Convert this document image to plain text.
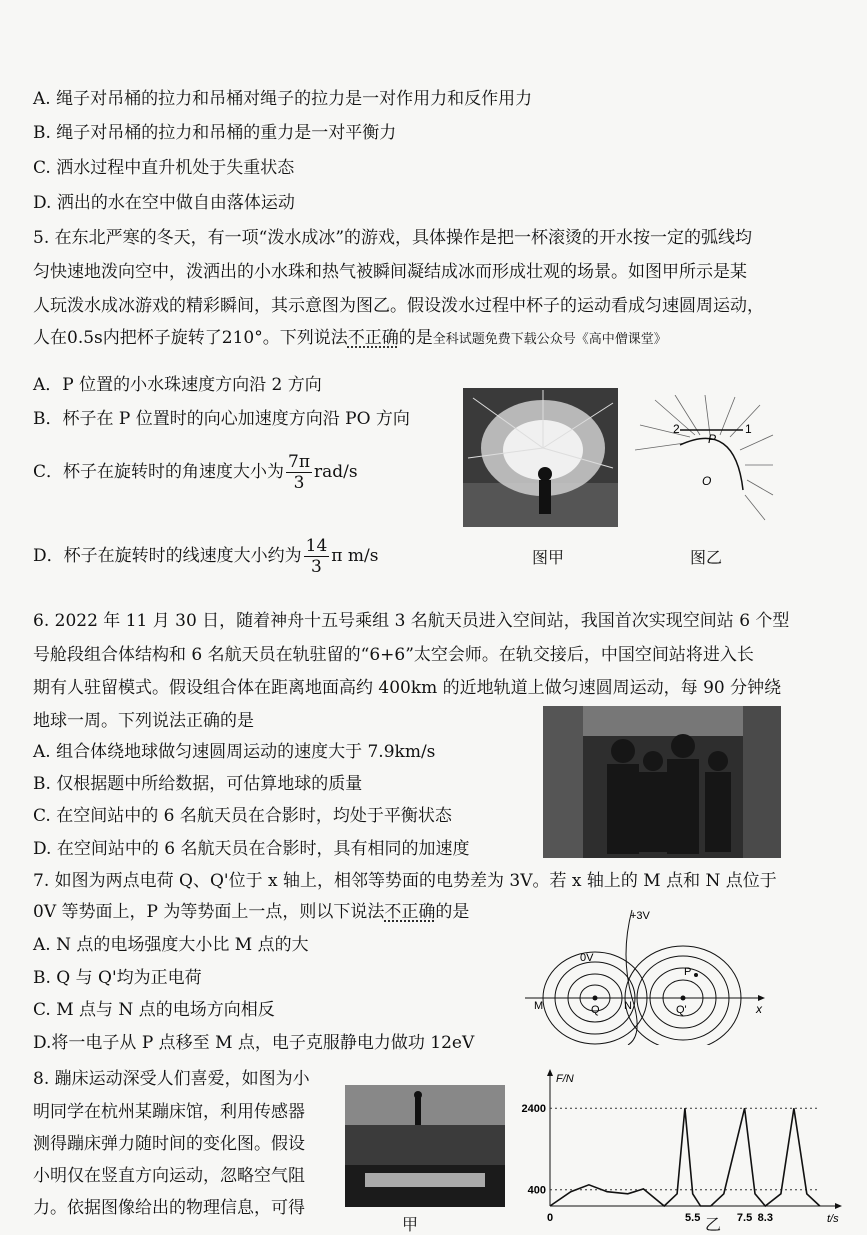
A. 绳子对吊桶的拉力和吊桶对绳子的拉力是一对作用力和反作用力
B. 绳子对吊桶的拉力和吊桶的重力是一对平衡力
C. 洒水过程中直升机处于失重状态
D. 洒出的水在空中做自由落体运动
5. 在东北严寒的冬天，有一项“泼水成冰”的游戏，具体操作是把一杯滚烫的开水按一定的弧线均
匀快速地泼向空中，泼洒出的小水珠和热气被瞬间凝结成冰而形成壮观的场景。如图甲所示是某
人玩泼水成冰游戏的精彩瞬间，其示意图为图乙。假设泼水过程中杯子的运动看成匀速圆周运动，
人在0.5s内把杯子旋转了210°。下列说法不正确的是全科试题免费下载公众号《高中僧课堂》
A．P 位置的小水珠速度方向沿 2 方向
B．杯子在 P 位置时的向心加速度方向沿 PO 方向
C．杯子在旋转时的角速度大小为 $\frac{7\pi}{3} rad/s$
D．杯子在旋转时的线速度大小约为 $\frac{14}{3}$ π m/s	图甲
2	1
P
O
图乙
6. 2022 年 11 月 30 日，随着神舟十五号乘组 3 名航天员进入空间站，我国首次实现空间站 6 个型
号舱段组合体结构和 6 名航天员在轨驻留的“6+6”太空会师。在轨交接后，中国空间站将进入长
期有人驻留模式。假设组合体在距离地面高约 400km 的近地轨道上做匀速圆周运动，每 90 分钟绕
地球一周。下列说法正确的是
A. 组合体绕地球做匀速圆周运动的速度大于 7.9km/s
B. 仅根据题中所给数据，可估算地球的质量
C. 在空间站中的 6 名航天员在合影时，均处于平衡状态
D. 在空间站中的 6 名航天员在合影时，具有相同的加速度
7. 如图为两点电荷 Q、Q'位于 x 轴上，相邻等势面的电势差为 3V。若 x 轴上的 M 点和 N 点位于
0V 等势面上，P 为等势面上一点，则以下说法不正确的是
A. N 点的电场强度大小比 M 点的大
B. Q 与 Q'均为正电荷
C. M 点与 N 点的电场方向相反
D.将一电子从 P 点移至 M 点，电子克服静电力做功 12eV
+3V
0V
M	Q N	Q'
P
x
8. 蹦床运动深受人们喜爱，如图为小
明同学在杭州某蹦床馆，利用传感器
测得蹦床弹力随时间的变化图。假设
小明仅在竖直方向运动，忽略空气阻
力。依据图像给出的物理信息，可得
甲
400
2400
0	5.5	7.5 8.3	t/s
F/N
乙
